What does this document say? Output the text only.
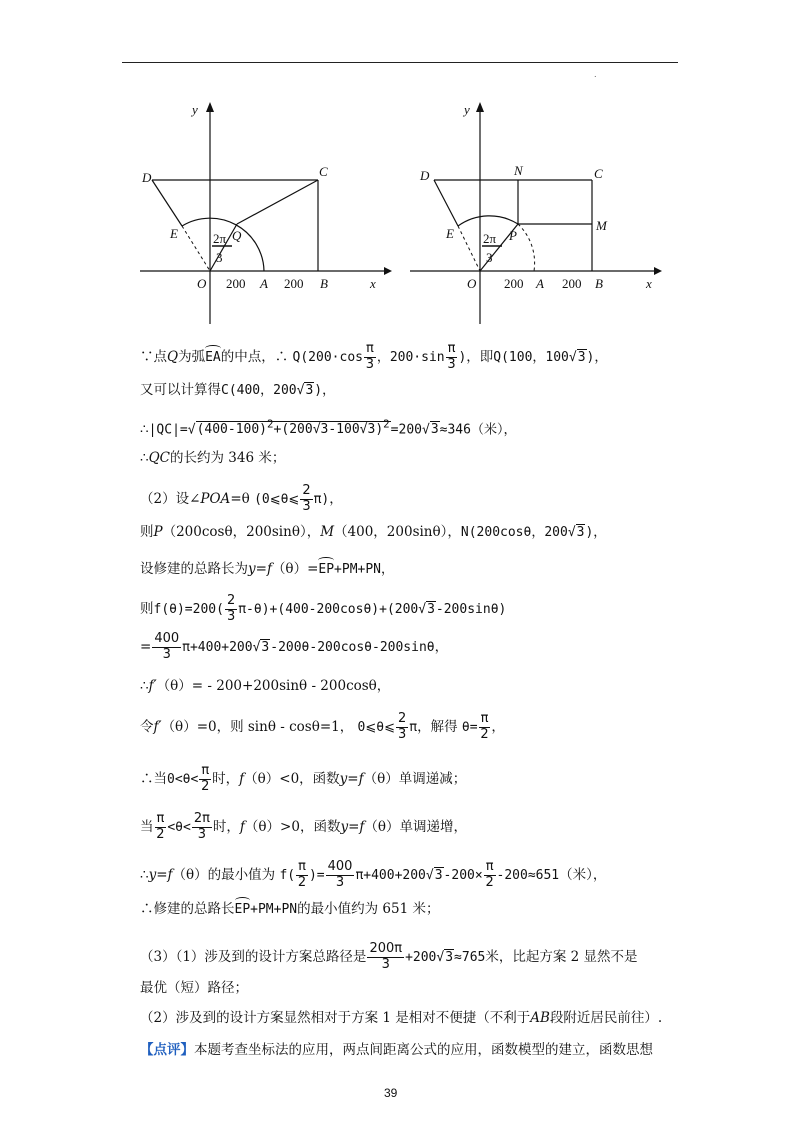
.
y
x
O	A	B
C
D
E	Q
200	200
2π
3
y
x
O	A	B
C
D
E	P
N
M
200	200
2π
3
∵点Q为弧EA的中点，∴ $Q(200\cdot\cos \frac{\pi}{3}$ ，$200\cdot\sin \frac{\pi}{3}$ )，即Q(100，100√3)，
又可以计算得C(400，200√3)，
$\therefore|QC|=√(400-100)^2+(200√3-100√3)^2=200√3\approx 346$（米），
∴QC的长约为 346 米；
（2）设∠POA=θ (0⩽θ⩽ $\frac{2}{3} \pi$)，
则P（200cosθ，200sinθ），M（400，200sinθ），N(200cosθ，200√3)，
设修建的总路长为y=f（θ）=EP+PM+PN，
则$f(\theta)=200( \frac{2}{3} \pi-\theta)+(400-200\cos\theta)+(200√3-200\sin\theta)$
= $\frac{400}{3} \pi+400+200√3-200\theta-200\cos\theta-200\sin\theta$，
∴f′（θ）= - 200+200sinθ - 200cosθ，
令f′（θ）=0，则 sinθ - cosθ=1， 0⩽θ⩽ $\frac{2}{3}$ π，解得 $\theta= \frac{\pi}{2}$ ，
∴当$0<\theta< \frac{\pi}{2}$ 时，f（θ）<0，函数y=f（θ）单调递减；
当 $\frac{\pi}{2} <\theta< \frac{2\pi}{3}$ 时，f（θ）>0，函数y=f（θ）单调递增，
∴y=f（θ）的最小值为 $f( \frac{\pi}{2}$ )= $\frac{400}{3} \pi+400+200√3-200\times \frac{\pi}{2} -200\approx 651$（米），
∴修建的总路长EP+PM+PN的最小值约为 651 米；
（3）（1）涉及到的设计方案总路径是 $\frac{200\pi}{3} +200√3\approx 765$米，比起方案 2 显然不是
最优（短）路径；
（2）涉及到的设计方案显然相对于方案 1 是相对不便捷（不利于AB段附近居民前往）.
【点评】本题考查坐标法的应用，两点间距离公式的应用，函数模型的建立，函数思想
39
